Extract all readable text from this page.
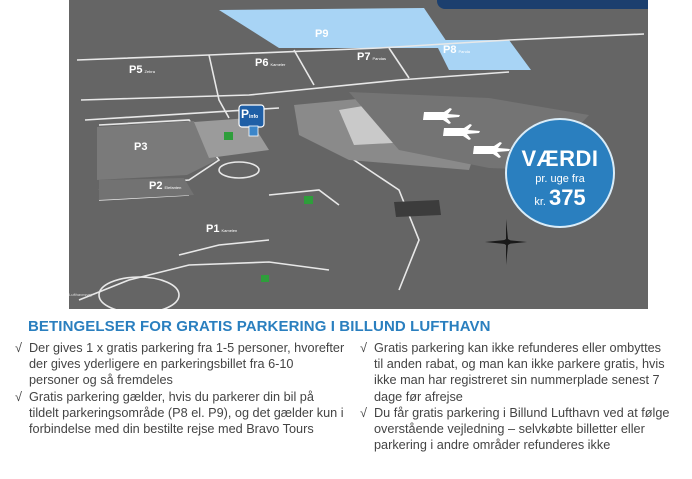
P9
P8 Panda
P7 Pandas
P6 Kameler
P5 Zebra
P3
P2 Elefanten
P1 Kamelen
Pinfo
Lufthavnsvej
VÆRDI
pr. uge fra
kr. 375
BETINGELSER FOR GRATIS PARKERING I BILLUND LUFTHAVN
√ Der gives 1 x gratis parkering fra 1-5 personer, hvorefter der gives yderligere en parkeringsbillet fra 6-10 personer og så fremdeles
√ Gratis parkering gælder, hvis du parkerer din bil på tildelt parkeringsområde (P8 el. P9), og det gælder kun i forbindelse med din bestilte rejse med Bravo Tours
√ Gratis parkering kan ikke refunderes eller ombyttes til anden rabat, og man kan ikke parkere gratis, hvis ikke man har registreret sin nummerplade senest 7 dage før afrejse
√ Du får gratis parkering i Billund Lufthavn ved at følge overstående vejledning – selvkøbte billetter eller parkering i andre områder refunderes ikke
